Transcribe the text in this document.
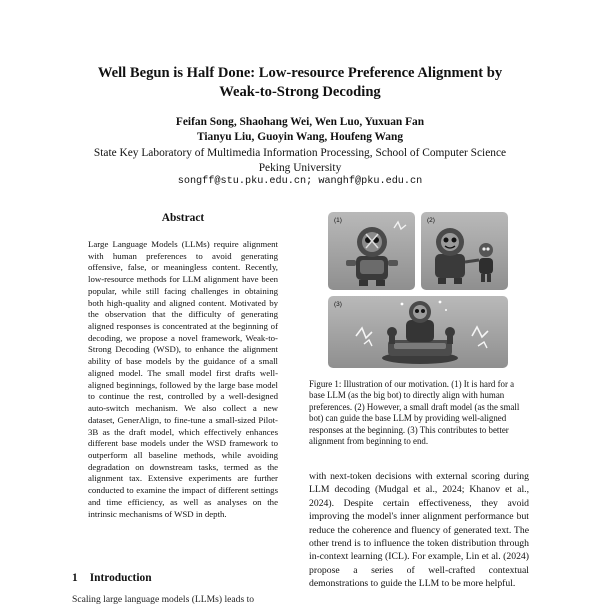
Well Begun is Half Done: Low-resource Preference Alignment by
Weak-to-Strong Decoding
Feifan Song, Shaohang Wei, Wen Luo, Yuxuan Fan
Tianyu Liu, Guoyin Wang, Houfeng Wang
State Key Laboratory of Multimedia Information Processing, School of Computer Science
Peking University
songff@stu.pku.edu.cn; wanghf@pku.edu.cn
Abstract
Large Language Models (LLMs) require alignment with human preferences to avoid generating offensive, false, or meaningless content. Recently, low-resource methods for LLM alignment have been popular, while still facing challenges in obtaining both high-quality and aligned content. Motivated by the observation that the difficulty of generating aligned responses is concentrated at the beginning of decoding, we propose a novel framework, Weak-to-Strong Decoding (WSD), to enhance the alignment ability of base models by the guidance of a small aligned model. The small model first drafts well-aligned beginnings, followed by the large base model to continue the rest, controlled by a well-designed auto-switch mechanism. We also collect a new dataset, GenerAlign, to fine-tune a small-sized Pilot-3B as the draft model, which effectively enhances different base models under the WSD framework to outperform all baseline methods, while avoiding degradation on downstream tasks, termed as the alignment tax. Extensive experiments are further conducted to examine the impact of different settings and time efficiency, as well as analyses on the intrinsic mechanisms of WSD in depth.
1 Introduction
Scaling large language models (LLMs) leads to
(1)	(2)
(3)
Figure 1: Illustration of our motivation. (1) It is hard for a base LLM (as the big bot) to directly align with human preferences. (2) However, a small draft model (as the small bot) can guide the base LLM by providing well-aligned responses at the beginning. (3) This contributes to better alignment from beginning to end.
with next-token decisions with external scoring during LLM decoding (Mudgal et al., 2024; Khanov et al., 2024). Despite certain effectiveness, they avoid improving the model's inner alignment performance but reduce the coherence and fluency of generated text. The other trend is to influence the token distribution through in-context learning (ICL). For example, Lin et al. (2024) propose a series of well-crafted contextual demonstrations to guide the LLM to be more helpful.
